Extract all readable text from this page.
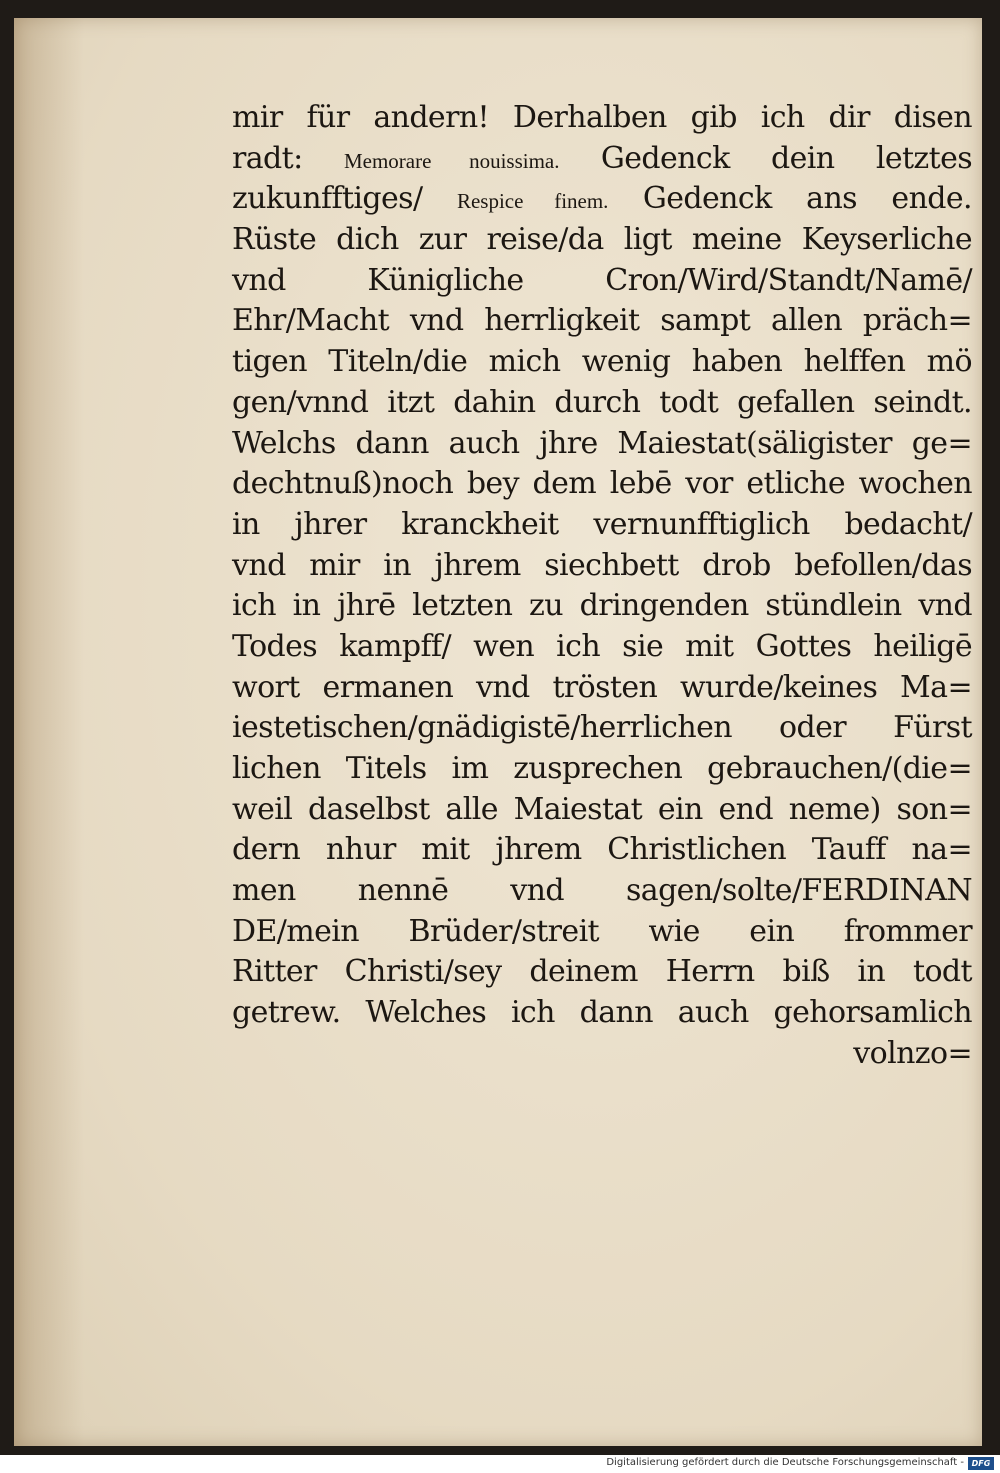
mir für andern! Derhalben gib ich dir disen
radt: Memorare nouissima. Gedenck dein letztes
zukunfftiges/ Respice finem. Gedenck ans ende.
Rüste dich zur reise/da ligt meine Keyserliche
vnd Künigliche Cron/Wird/Standt/Namē/
Ehr/Macht vnd herrligkeit sampt allen präch=
tigen Titeln/die mich wenig haben helffen mö
gen/vnnd itzt dahin durch todt gefallen seindt.
Welchs dann auch jhre Maiestat(säligister ge=
dechtnuß)noch bey dem lebē vor etliche wochen
in jhrer kranckheit vernunfftiglich bedacht/
vnd mir in jhrem siechbett drob befollen/das
ich in jhrē letzten zu dringenden stündlein vnd
Todes kampff/ wen ich sie mit Gottes heiligē
wort ermanen vnd trösten wurde/keines Ma=
iestetischen/gnädigistē/herrlichen oder Fürst
lichen Titels im zusprechen gebrauchen/(die=
weil daselbst alle Maiestat ein end neme) son=
dern nhur mit jhrem Christlichen Tauff na=
men nennē vnd sagen/solte/FERDINAN
DE/mein Brüder/streit wie ein frommer
Ritter Christi/sey deinem Herrn biß in todt
getrew. Welches ich dann auch gehorsamlich
volnzo=
Digitalisierung gefördert durch die Deutsche Forschungsgemeinschaft - DFG
